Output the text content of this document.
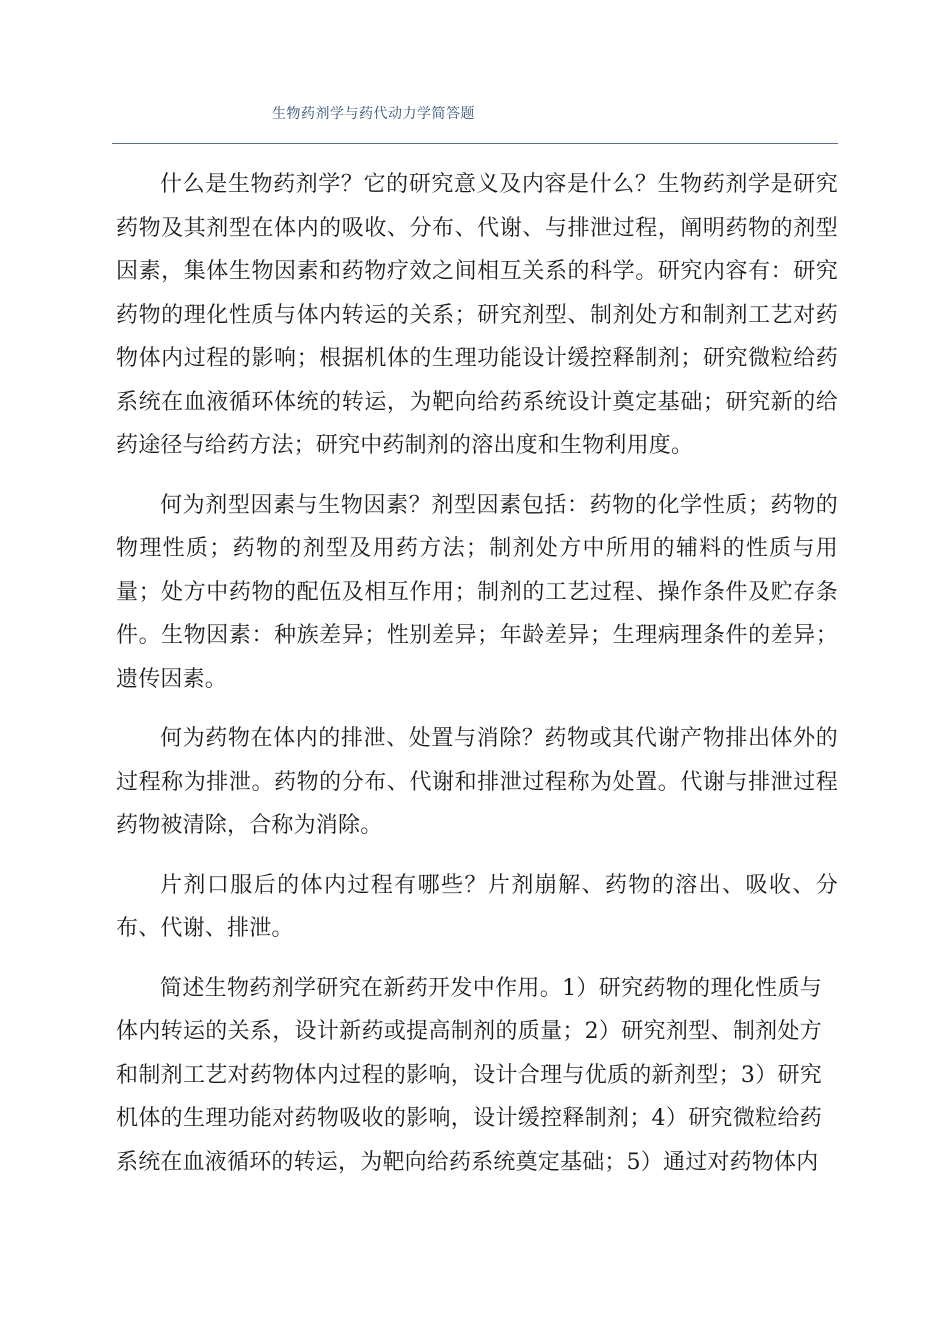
生物药剂学与药代动力学简答题

什么是生物药剂学？它的研究意义及内容是什么？生物药剂学是研究药物及其剂型在体内的吸收、分布、代谢、与排泄过程，阐明药物的剂型因素，集体生物因素和药物疗效之间相互关系的科学。研究内容有：研究药物的理化性质与体内转运的关系；研究剂型、制剂处方和制剂工艺对药物体内过程的影响；根据机体的生理功能设计缓控释制剂；研究微粒给药系统在血液循环体统的转运，为靶向给药系统设计奠定基础；研究新的给药途径与给药方法；研究中药制剂的溶出度和生物利用度。

何为剂型因素与生物因素？剂型因素包括：药物的化学性质；药物的物理性质；药物的剂型及用药方法；制剂处方中所用的辅料的性质与用量；处方中药物的配伍及相互作用；制剂的工艺过程、操作条件及贮存条件。生物因素：种族差异；性别差异；年龄差异；生理病理条件的差异；遗传因素。

何为药物在体内的排泄、处置与消除？药物或其代谢产物排出体外的过程称为排泄。药物的分布、代谢和排泄过程称为处置。代谢与排泄过程药物被清除，合称为消除。

片剂口服后的体内过程有哪些？片剂崩解、药物的溶出、吸收、分布、代谢、排泄。

简述生物药剂学研究在新药开发中作用。1）研究药物的理化性质与体内转运的关系，设计新药或提高制剂的质量；2）研究剂型、制剂处方和制剂工艺对药物体内过程的影响，设计合理与优质的新剂型；3）研究机体的生理功能对药物吸收的影响，设计缓控释制剂；4）研究微粒给药系统在血液循环的转运，为靶向给药系统奠定基础；5）通过对药物体内
